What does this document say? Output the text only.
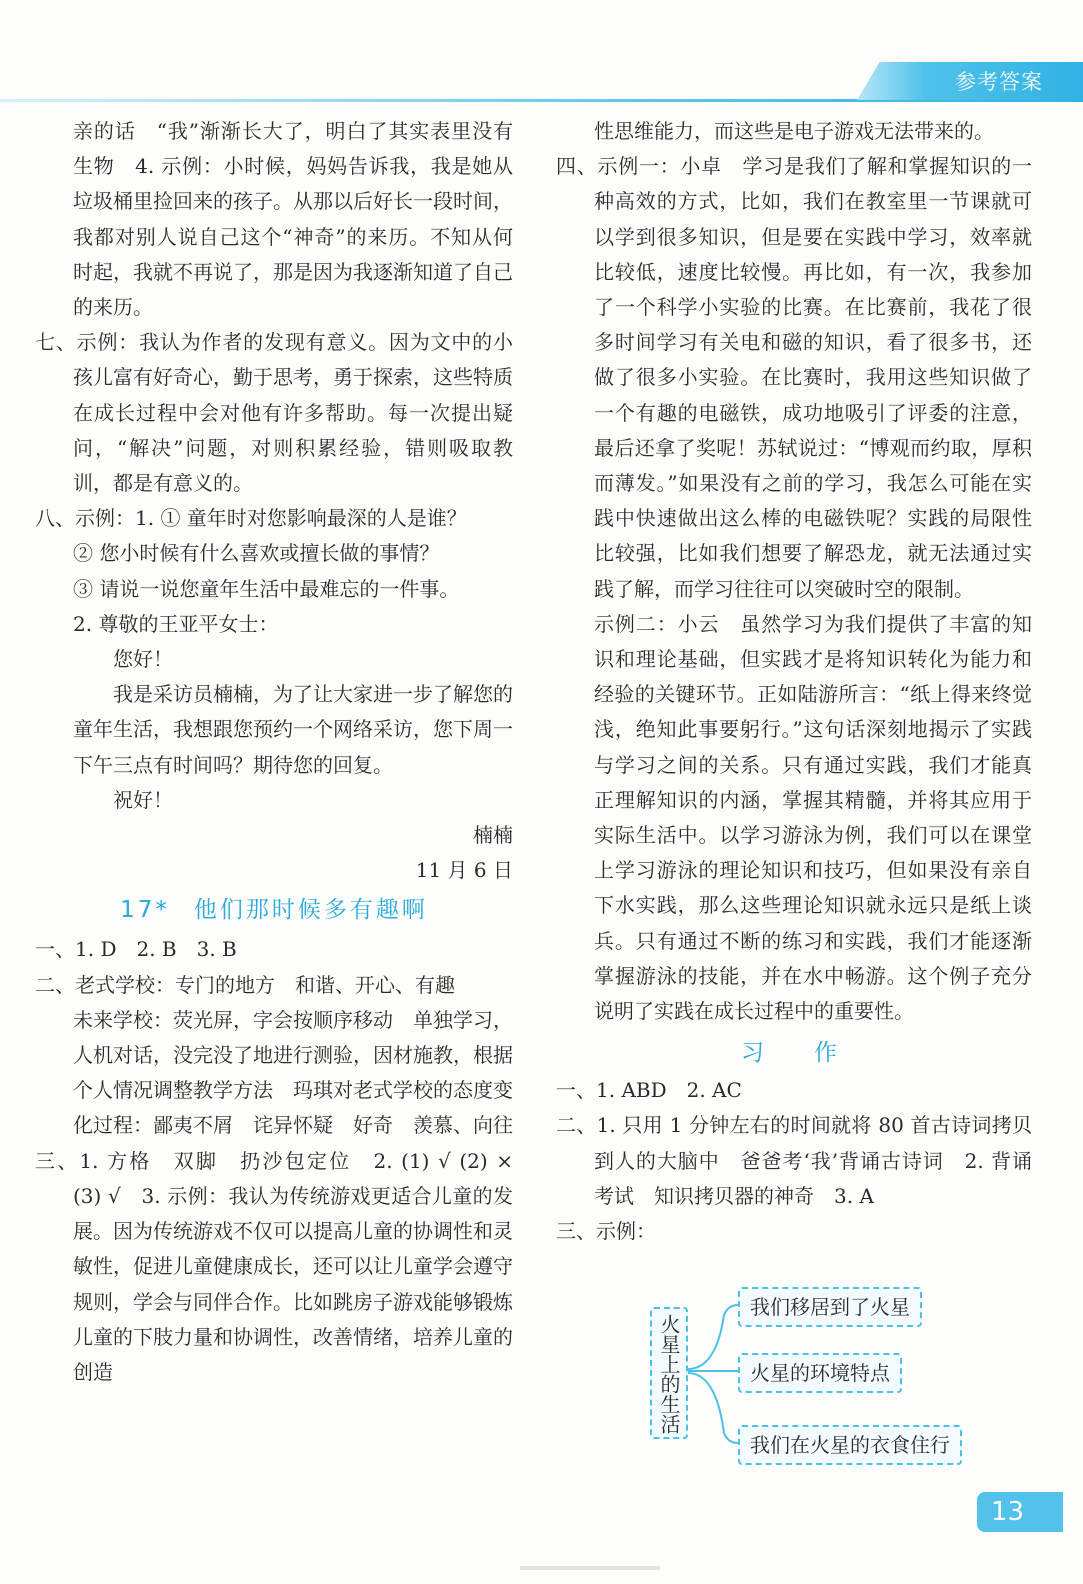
参考答案

亲的话　“我”渐渐长大了，明白了其实表里没有生物　4. 示例：小时候，妈妈告诉我，我是她从垃圾桶里捡回来的孩子。从那以后好长一段时间，我都对别人说自己这个“神奇”的来历。不知从何时起，我就不再说了，那是因为我逐渐知道了自己的来历。

七、示例：我认为作者的发现有意义。因为文中的小孩儿富有好奇心，勤于思考，勇于探索，这些特质在成长过程中会对他有许多帮助。每一次提出疑问，“解决”问题，对则积累经验，错则吸取教训，都是有意义的。

八、示例：1. ① 童年时对您影响最深的人是谁？

② 您小时候有什么喜欢或擅长做的事情？

③ 请说一说您童年生活中最难忘的一件事。

2. 尊敬的王亚平女士：

您好！

我是采访员楠楠，为了让大家进一步了解您的童年生活，我想跟您预约一个网络采访，您下周一下午三点有时间吗？期待您的回复。

祝好！

楠楠

11 月 6 日

17* 他们那时候多有趣啊

一、1. D　2. B　3. B

二、老式学校：专门的地方　和谐、开心、有趣

未来学校：荧光屏，字会按顺序移动　单独学习，人机对话，没完没了地进行测验，因材施教，根据个人情况调整教学方法　玛琪对老式学校的态度变化过程：鄙夷不屑　诧异怀疑　好奇　羡慕、向往

三、1. 方格　双脚　扔沙包定位　2. (1) √ (2) ×　(3) √　3. 示例：我认为传统游戏更适合儿童的发展。因为传统游戏不仅可以提高儿童的协调性和灵敏性，促进儿童健康成长，还可以让儿童学会遵守规则，学会与同伴合作。比如跳房子游戏能够锻炼儿童的下肢力量和协调性，改善情绪，培养儿童的创造

性思维能力，而这些是电子游戏无法带来的。

四、示例一：小卓　学习是我们了解和掌握知识的一种高效的方式，比如，我们在教室里一节课就可以学到很多知识，但是要在实践中学习，效率就比较低，速度比较慢。再比如，有一次，我参加了一个科学小实验的比赛。在比赛前，我花了很多时间学习有关电和磁的知识，看了很多书，还做了很多小实验。在比赛时，我用这些知识做了一个有趣的电磁铁，成功地吸引了评委的注意，最后还拿了奖呢！苏轼说过：“博观而约取，厚积而薄发。”如果没有之前的学习，我怎么可能在实践中快速做出这么棒的电磁铁呢？实践的局限性比较强，比如我们想要了解恐龙，就无法通过实践了解，而学习往往可以突破时空的限制。

示例二：小云　虽然学习为我们提供了丰富的知识和理论基础，但实践才是将知识转化为能力和经验的关键环节。正如陆游所言：“纸上得来终觉浅，绝知此事要躬行。”这句话深刻地揭示了实践与学习之间的关系。只有通过实践，我们才能真正理解知识的内涵，掌握其精髓，并将其应用于实际生活中。以学习游泳为例，我们可以在课堂上学习游泳的理论知识和技巧，但如果没有亲自下水实践，那么这些理论知识就永远只是纸上谈兵。只有通过不断的练习和实践，我们才能逐渐掌握游泳的技能，并在水中畅游。这个例子充分说明了实践在成长过程中的重要性。

习作

一、1. ABD　2. AC

二、1. 只用 1 分钟左右的时间就将 80 首古诗词拷贝到人的大脑中　爸爸考‘我’背诵古诗词　2. 背诵考试　知识拷贝器的神奇　3. A

三、示例：

火星上的生活
我们移居到了火星
火星的环境特点
我们在火星的衣食住行
13
